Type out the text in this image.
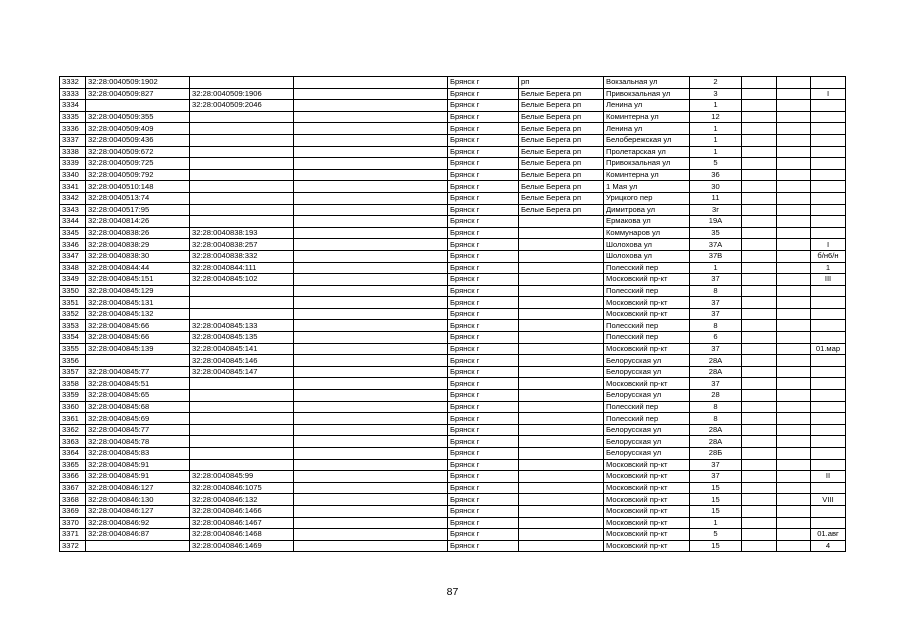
3332	32:28:0040509:1902			Брянск г	рп	Вокзальная ул	2			
3333	32:28:0040509:827	32:28:0040509:1906		Брянск г	Белые Берега рп	Привокзальная ул	3			I
3334		32:28:0040509:2046		Брянск г	Белые Берега рп	Ленина ул	1			
3335	32:28:0040509:355			Брянск г	Белые Берега рп	Коминтерна ул	12			
3336	32:28:0040509:409			Брянск г	Белые Берега рп	Ленина ул	1			
3337	32:28:0040509:436			Брянск г	Белые Берега рп	Белобережская ул	1			
3338	32:28:0040509:672			Брянск г	Белые Берега рп	Пролетарская ул	1			
3339	32:28:0040509:725			Брянск г	Белые Берега рп	Привокзальная ул	5			
3340	32:28:0040509:792			Брянск г	Белые Берега рп	Коминтерна ул	36			
3341	32:28:0040510:148			Брянск г	Белые Берега рп	1 Мая ул	30			
3342	32:28:0040513:74			Брянск г	Белые Берега рп	Урицкого пер	11			
3343	32:28:0040517:95			Брянск г	Белые Берега рп	Димитрова ул	3г			
3344	32:28:0040814:26			Брянск г		Ермакова ул	19А			
3345	32:28:0040838:26	32:28:0040838:193		Брянск г		Коммунаров ул	35			
3346	32:28:0040838:29	32:28:0040838:257		Брянск г		Шолохова ул	37А			I
3347	32:28:0040838:30	32:28:0040838:332		Брянск г		Шолохова ул	37В			б/н6/н
3348	32:28:0040844:44	32:28:0040844:111		Брянск г		Полесский пер	1			1
3349	32:28:0040845:151	32:28:0040845:102		Брянск г		Московский пр-кт	37			III
3350	32:28:0040845:129			Брянск г		Полесский пер	8			
3351	32:28:0040845:131			Брянск г		Московский пр-кт	37			
3352	32:28:0040845:132			Брянск г		Московский пр-кт	37			
3353	32:28:0040845:66	32:28:0040845:133		Брянск г		Полесский пер	8			
3354	32:28:0040845:66	32:28:0040845:135		Брянск г		Полесский пер	6			
3355	32:28:0040845:139	32:28:0040845:141		Брянск г		Московский пр-кт	37			01.мар
3356		32:28:0040845:146		Брянск г		Белорусская ул	28А			
3357	32:28:0040845:77	32:28:0040845:147		Брянск г		Белорусская ул	28А			
3358	32:28:0040845:51			Брянск г		Московский пр-кт	37			
3359	32:28:0040845:65			Брянск г		Белорусская ул	28			
3360	32:28:0040845:68			Брянск г		Полесский пер	8			
3361	32:28:0040845:69			Брянск г		Полесский пер	8			
3362	32:28:0040845:77			Брянск г		Белорусская ул	28А			
3363	32:28:0040845:78			Брянск г		Белорусская ул	28А			
3364	32:28:0040845:83			Брянск г		Белорусская ул	28Б			
3365	32:28:0040845:91			Брянск г		Московский пр-кт	37			
3366	32:28:0040845:91	32:28:0040845:99		Брянск г		Московский пр-кт	37			II
3367	32:28:0040846:127	32:28:0040846:1075		Брянск г		Московский пр-кт	15			
3368	32:28:0040846:130	32:28:0040846:132		Брянск г		Московский пр-кт	15			VIII
3369	32:28:0040846:127	32:28:0040846:1466		Брянск г		Московский пр-кт	15			
3370	32:28:0040846:92	32:28:0040846:1467		Брянск г		Московский пр-кт	1			
3371	32:28:0040846:87	32:28:0040846:1468		Брянск г		Московский пр-кт	5			01.авг
3372		32:28:0040846:1469		Брянск г		Московский пр-кт	15			4
87
